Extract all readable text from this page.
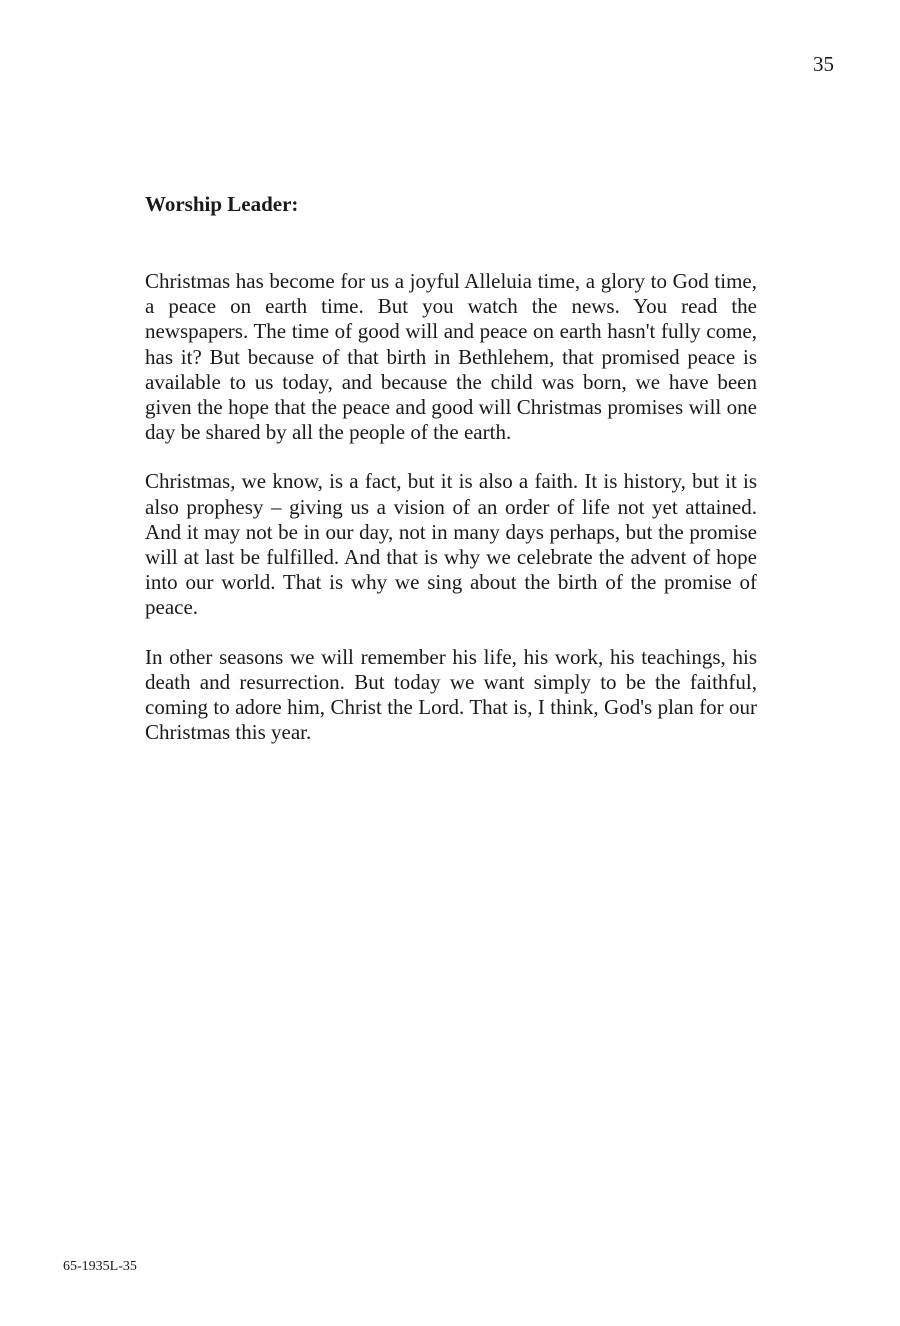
35
Worship Leader:

Christmas has become for us a joyful Alleluia time, a glory to God time, a peace on earth time. But you watch the news. You read the newspapers. The time of good will and peace on earth hasn't fully come, has it? But because of that birth in Bethlehem, that promised peace is available to us today, and because the child was born, we have been given the hope that the peace and good will Christmas promises will one day be shared by all the people of the earth.

Christmas, we know, is a fact, but it is also a faith. It is history, but it is also prophesy – giving us a vision of an order of life not yet attained. And it may not be in our day, not in many days perhaps, but the promise will at last be fulfilled. And that is why we celebrate the advent of hope into our world. That is why we sing about the birth of the promise of peace.

In other seasons we will remember his life, his work, his teachings, his death and resurrection. But today we want simply to be the faithful, coming to adore him, Christ the Lord. That is, I think, God's plan for our Christmas this year.

65-1935L-35
